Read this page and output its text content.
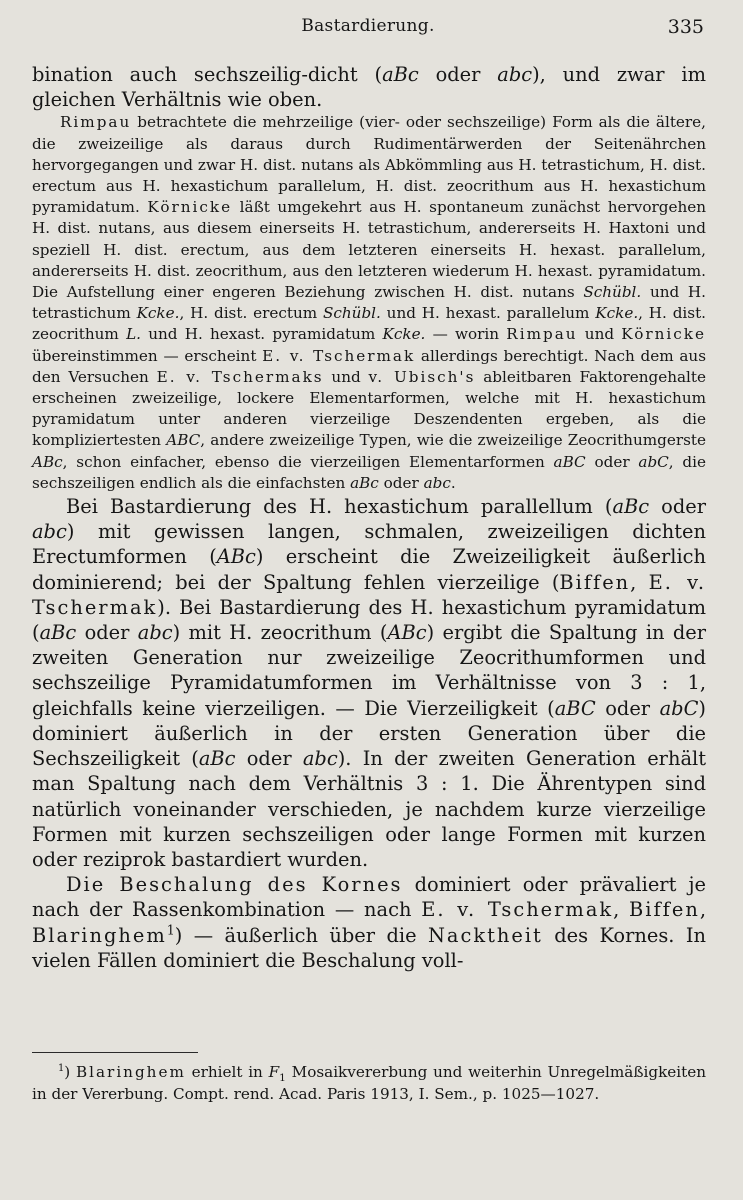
Bastardierung.	335

bination auch sechszeilig-dicht (aBc oder abc), und zwar im gleichen Verhältnis wie oben.

Rimpau betrachtete die mehrzeilige (vier- oder sechszeilige) Form als die ältere, die zweizeilige als daraus durch Rudimentärwerden der Seitenährchen hervorgegangen und zwar H. dist. nutans als Abkömmling aus H. tetrastichum, H. dist. erectum aus H. hexastichum parallelum, H. dist. zeocrithum aus H. hexastichum pyramidatum. Körnicke läßt umgekehrt aus H. spontaneum zunächst hervorgehen H. dist. nutans, aus diesem einerseits H. tetrastichum, andererseits H. Haxtoni und speziell H. dist. erectum, aus dem letzteren einerseits H. hexast. parallelum, andererseits H. dist. zeocrithum, aus den letzteren wiederum H. hexast. pyramidatum. Die Aufstellung einer engeren Beziehung zwischen H. dist. nutans Schübl. und H. tetrastichum Kcke., H. dist. erectum Schübl. und H. hexast. parallelum Kcke., H. dist. zeocrithum L. und H. hexast. pyramidatum Kcke. — worin Rimpau und Körnicke übereinstimmen — erscheint E. v. Tschermak allerdings berechtigt. Nach dem aus den Versuchen E. v. Tschermaks und v. Ubisch's ableitbaren Faktorengehalte erscheinen zweizeilige, lockere Elementarformen, welche mit H. hexastichum pyramidatum unter anderen vierzeilige Deszendenten ergeben, als die kompliziertesten ABC, andere zweizeilige Typen, wie die zweizeilige Zeocrithumgerste ABc, schon einfacher, ebenso die vierzeiligen Elementarformen aBC oder abC, die sechszeiligen endlich als die einfachsten aBc oder abc.

Bei Bastardierung des H. hexastichum parallellum (aBc oder abc) mit gewissen langen, schmalen, zweizeiligen dichten Erectumformen (ABc) erscheint die Zweizeiligkeit äußerlich dominierend; bei der Spaltung fehlen vierzeilige (Biffen, E. v. Tschermak). Bei Bastardierung des H. hexastichum pyramidatum (aBc oder abc) mit H. zeocrithum (ABc) ergibt die Spaltung in der zweiten Generation nur zweizeilige Zeocrithumformen und sechszeilige Pyramidatumformen im Verhältnisse von 3 : 1, gleichfalls keine vierzeiligen. — Die Vierzeiligkeit (aBC oder abC) dominiert äußerlich in der ersten Generation über die Sechszeiligkeit (aBc oder abc). In der zweiten Generation erhält man Spaltung nach dem Verhältnis 3 : 1. Die Ährentypen sind natürlich voneinander verschieden, je nachdem kurze vierzeilige Formen mit kurzen sechszeiligen oder lange Formen mit kurzen oder reziprok bastardiert wurden.

Die Beschalung des Kornes dominiert oder prävaliert je nach der Rassenkombination — nach E. v. Tschermak, Biffen, Blaringhem$^1$) — äußerlich über die Nacktheit des Kornes. In vielen Fällen dominiert die Beschalung voll-

$^1$) Blaringhem erhielt in $F_1$ Mosaikvererbung und weiterhin Unregelmäßigkeiten in der Vererbung. Compt. rend. Acad. Paris 1913, I. Sem., p. 1025—1027.
